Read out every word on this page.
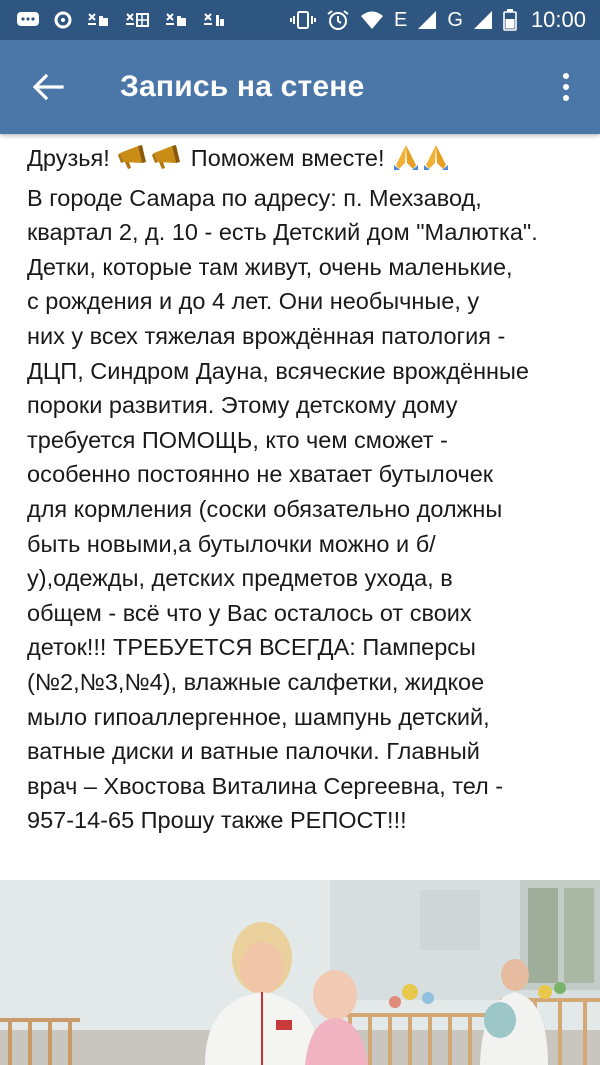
E G	10:00
Запись на стене
Друзья!	Поможем вместе!
В городе Самара по адресу: п. Мехзавод,
квартал 2, д. 10 - есть Детский дом "Малютка".
Детки, которые там живут, очень маленькие,
с рождения и до 4 лет. Они необычные, у
них у всех тяжелая врождённая патология -
ДЦП, Синдром Дауна, всяческие врождённые
пороки развития. Этому детскому дому
требуется ПОМОЩЬ, кто чем сможет -
особенно постоянно не хватает бутылочек
для кормления (соски обязательно должны
быть новыми,а бутылочки можно и б/
у),одежды, детских предметов ухода, в
общем - всё что у Вас осталось от своих
деток!!! ТРЕБУЕТСЯ ВСЕГДА: Памперсы
(№2,№3,№4), влажные салфетки, жидкое
мыло гипоаллергенное, шампунь детский,
ватные диски и ватные палочки. Главный
врач – Хвостова Виталина Сергеевна, тел -
957-14-65 Прошу также РЕПОСТ!!!
